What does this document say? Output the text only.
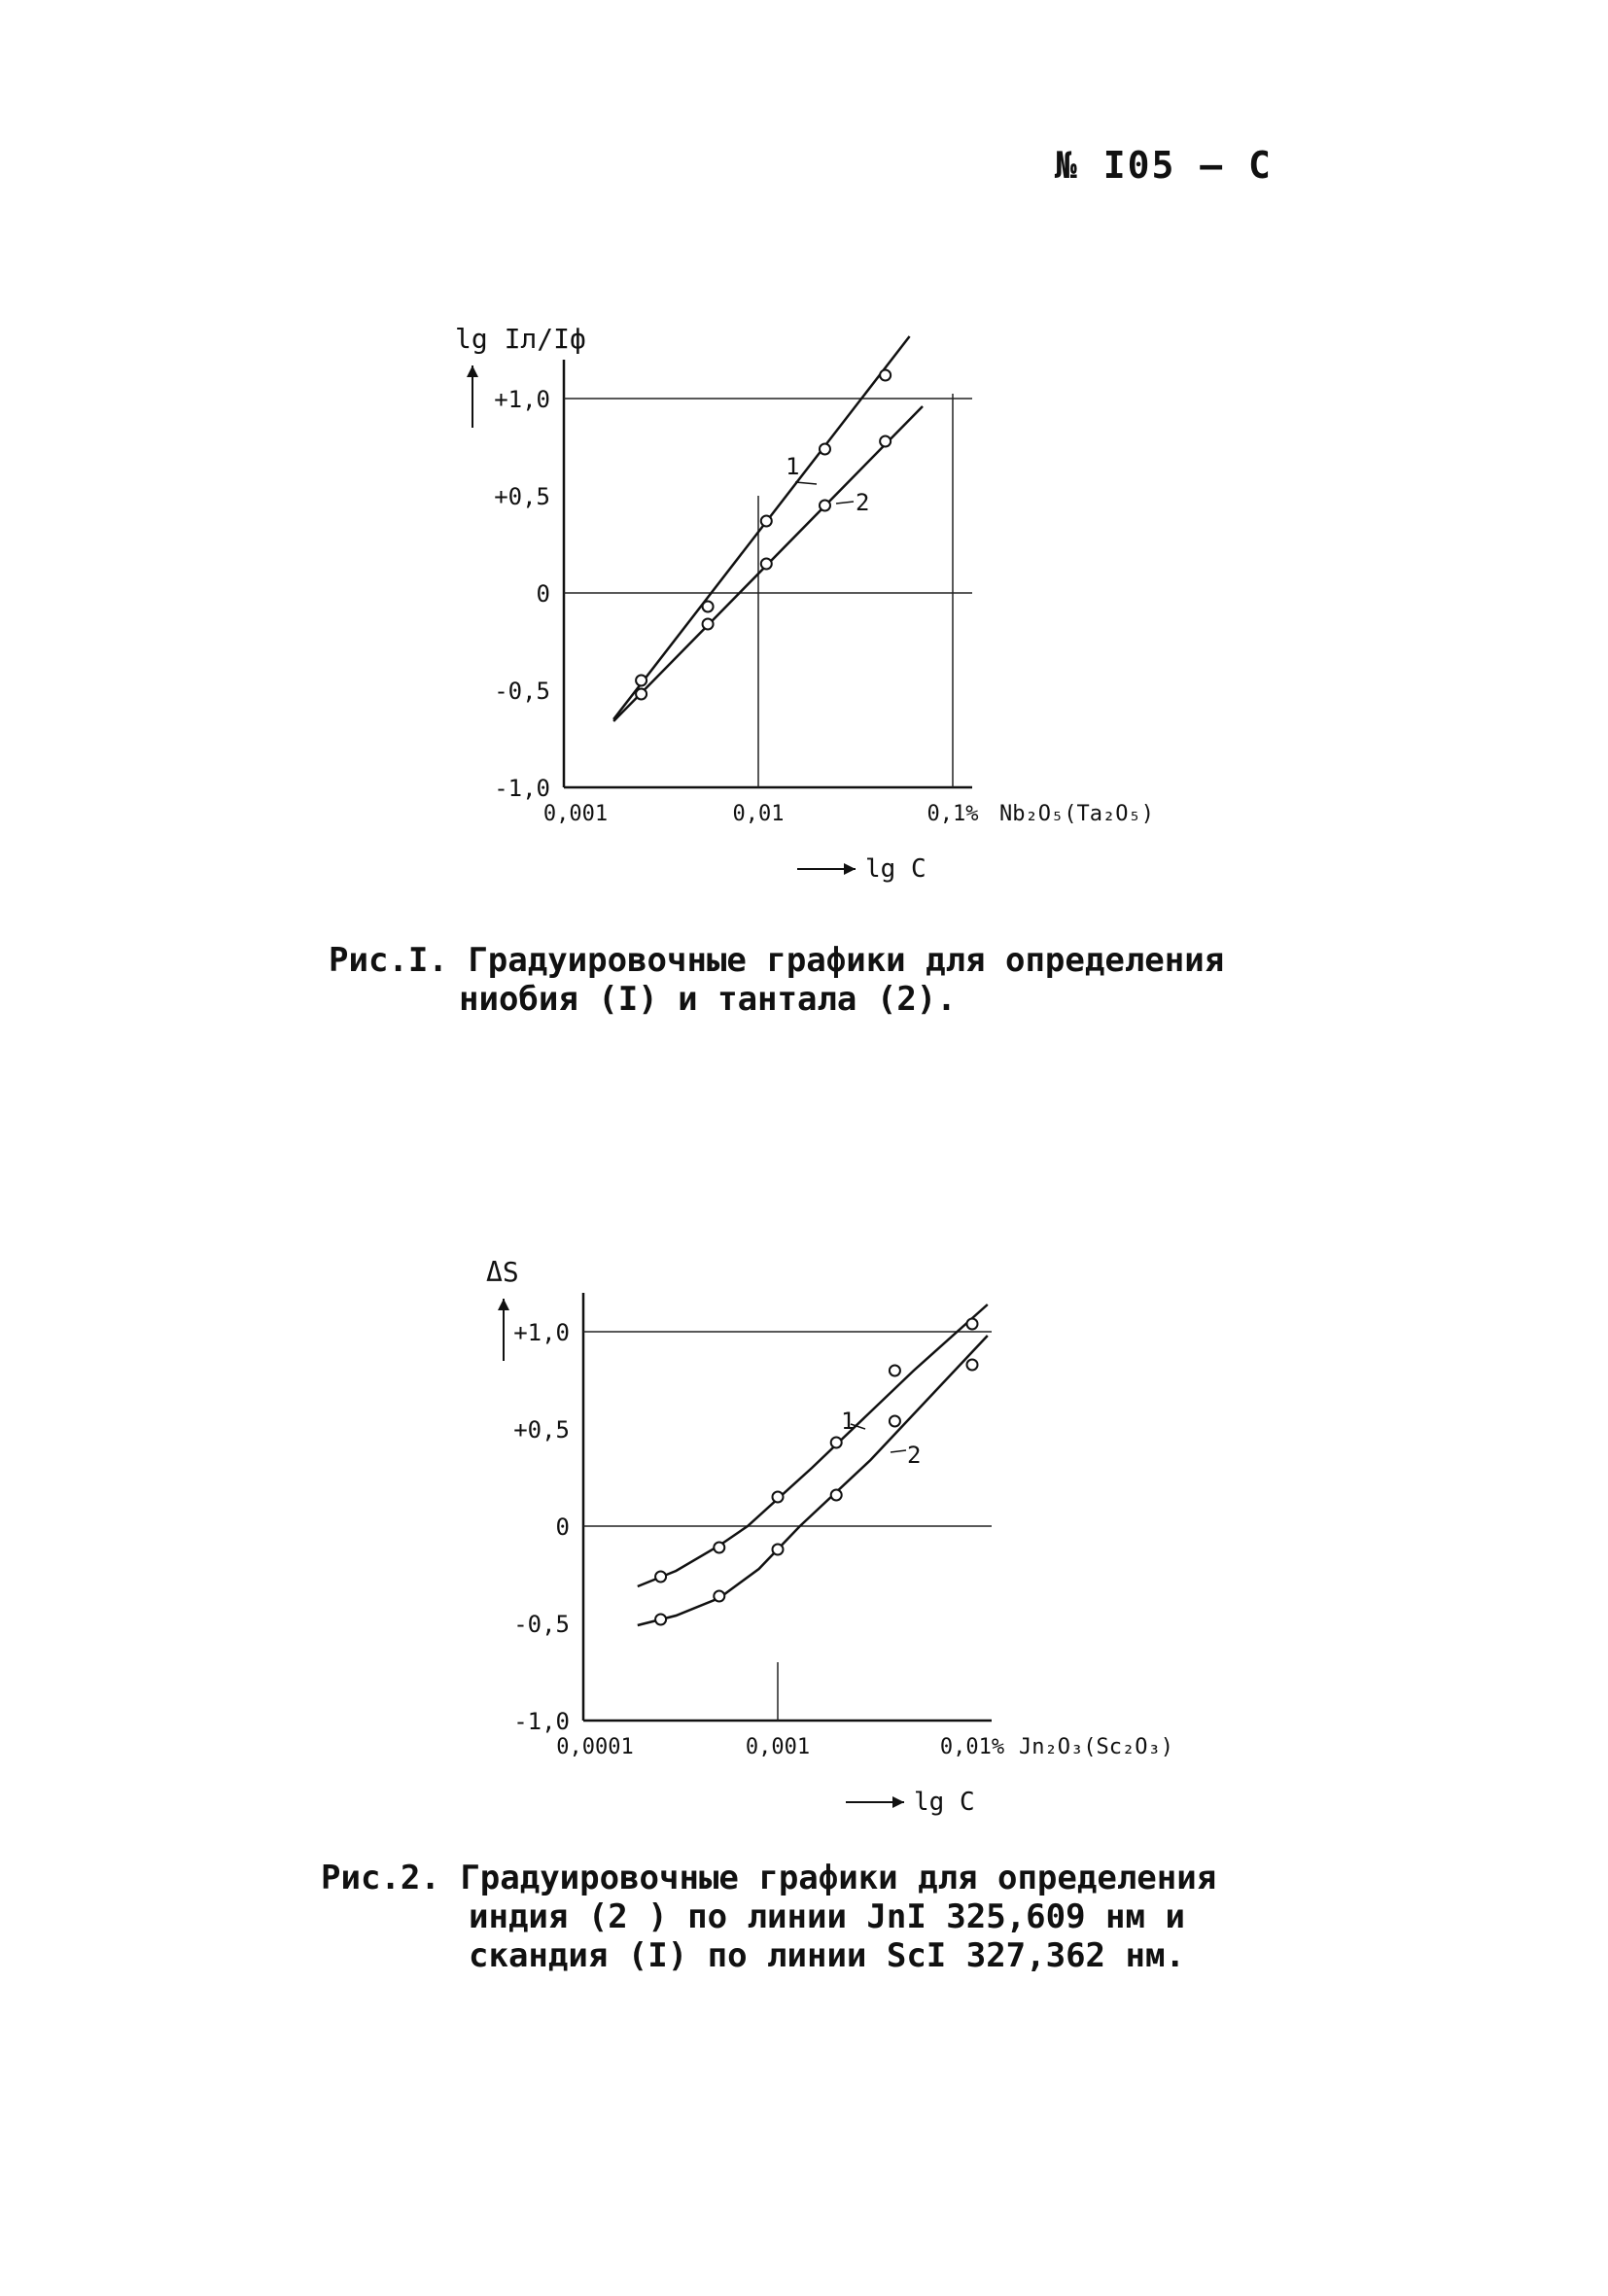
№ I05 – C
-1,0
-0,5
0
+0,5
+1,0
0,001	0,01	0,1% Nb₂O₅(Ta₂O₅)
lg C
lg Iл/Iф
1
2
Рис.I. Градуировочные графики для определения
ниобия (I) и тантала (2).
-1,0
-0,5
0
+0,5
+1,0
0,0001	0,001	0,01% Jn₂O₃(Sc₂O₃)
lg C
ΔS
1
2
Рис.2. Градуировочные графики для определения
индия (2 ) по линии JnI 325,609 нм и
скандия (I) по линии ScI 327,362 нм.
